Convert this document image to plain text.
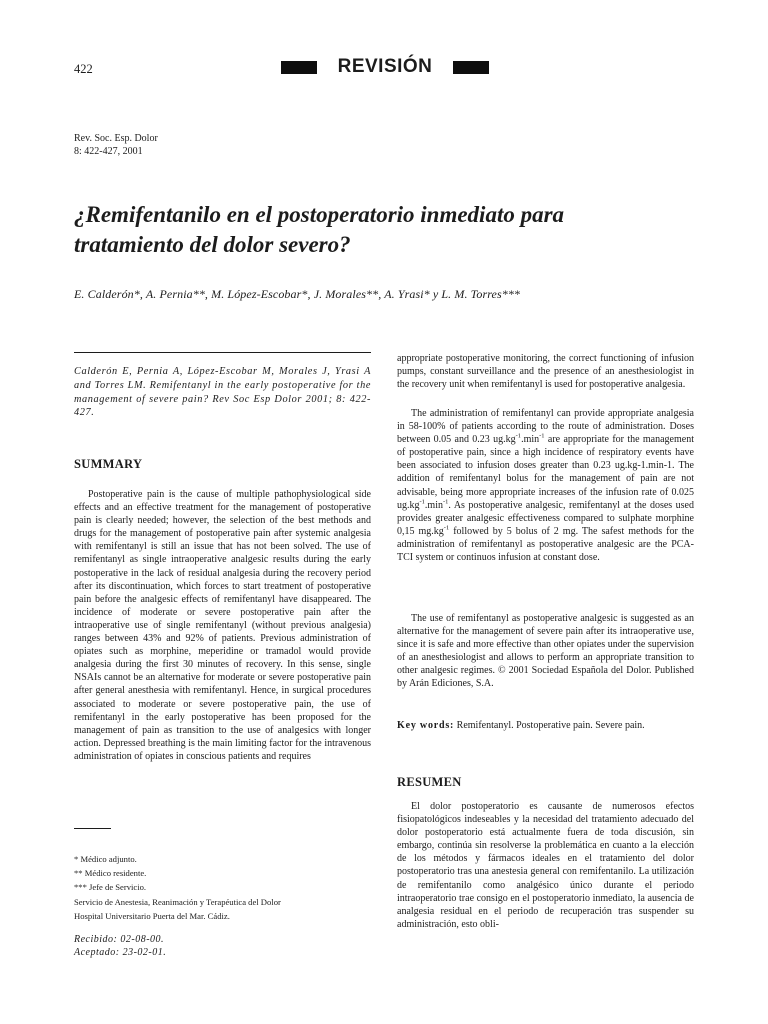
422	REVISIÓN
Rev. Soc. Esp. Dolor
8: 422-427, 2001
¿Remifentanilo en el postoperatorio inmediato para
tratamiento del dolor severo?
E. Calderón*, A. Pernia**, M. López-Escobar*, J. Morales**, A. Yrasi* y L. M. Torres***
Calderón E, Pernia A, López-Escobar M, Morales J, Yrasi A and Torres LM. Remifentanyl in the early postoperative for the management of severe pain? Rev Soc Esp Dolor 2001; 8: 422-427.
SUMMARY
Postoperative pain is the cause of multiple pathophysiological side effects and an effective treatment for the management of postoperative pain is clearly needed; however, the selection of the best methods and drugs for the management of postoperative pain after systemic analgesia with remifentanyl is still an issue that has not been solved. The use of remifentanyl as single intraoperative analgesic results during the early postoperative in the lack of residual analgesia during the recovery period after its discontinuation, which forces to start treatment of postoperative pain before the analgesic effects of remifentanyl have disappeared. The incidence of moderate or severe postoperative pain after the intraoperative use of single remifentanyl (without previous analgesia) ranges between 43% and 92% of patients. Previous administration of opiates such as morphine, meperidine or tramadol would provide analgesia during the first 30 minutes of recovery. In this sense, single NSAIs cannot be an alternative for moderate or severe postoperative pain after general anesthesia with remifentanyl. Hence, in surgical procedures associated to moderate or severe postoperative pain, the use of remifentanyl in the early postoperative has been proposed for the management of pain as transition to the use of analgesics with longer action. Depressed breathing is the main limiting factor for the intravenous administration of opiates in conscious patients and requires
appropriate postoperative monitoring, the correct functioning of infusion pumps, constant surveillance and the presence of an anesthesiologist in the recovery unit when remifentanyl is used for postoperative analgesia.
The administration of remifentanyl can provide appropriate analgesia in 58-100% of patients according to the route of administration. Doses between 0.05 and 0.23 $ug.kg^{-1}.\min^{-1}$ are appropriate for the management of postoperative pain, since a high incidence of respiratory events have been associated to infusion doses greater than 0.23 ug.kg-1.min-1. The addition of remifentanyl bolus for the management of pain are not advisable, being more appropriate increases of the infusion rate of 0.025 $ug.kg^{-1}.\min^{-1}$. As postoperative analgesic, remifentanyl at the doses used provides greater analgesic effectiveness compared to sulphate morphine 0,15 $mg.kg^{-1}$ followed by 5 bolus of 2 mg. The safest methods for the administration of remifentanyl as postoperative analgesic are the PCA-TCI system or continuos infusion at constant dose.
The use of remifentanyl as postoperative analgesic is suggested as an alternative for the management of severe pain after its intraoperative use, since it is safe and more effective than other opiates under the supervision of an anesthesiologist and allows to perform an appropriate transition to other analgesic regimes. © 2001 Sociedad Española del Dolor. Published by Arán Ediciones, S.A.
Key words: Remifentanyl. Postoperative pain. Severe pain.
RESUMEN
El dolor postoperatorio es causante de numerosos efectos fisiopatológicos indeseables y la necesidad del tratamiento adecuado del dolor postoperatorio está actualmente fuera de toda discusión, sin embargo, continúa sin resolverse la problemática en cuanto a la elección de los métodos y fármacos ideales en el tratamiento del dolor postoperatorio tras una anestesia general con remifentanilo. La utilización de remifentanilo como analgésico único durante el periodo intraoperatorio trae consigo en el postoperatorio inmediato, la ausencia de analgesia residual en el periodo de recuperación tras suspender su administración, esto obli-
* Médico adjunto.
** Médico residente.
*** Jefe de Servicio.
Servicio de Anestesia, Reanimación y Terapéutica del Dolor
Hospital Universitario Puerta del Mar. Cádiz.
Recibido: 02-08-00.
Aceptado: 23-02-01.
